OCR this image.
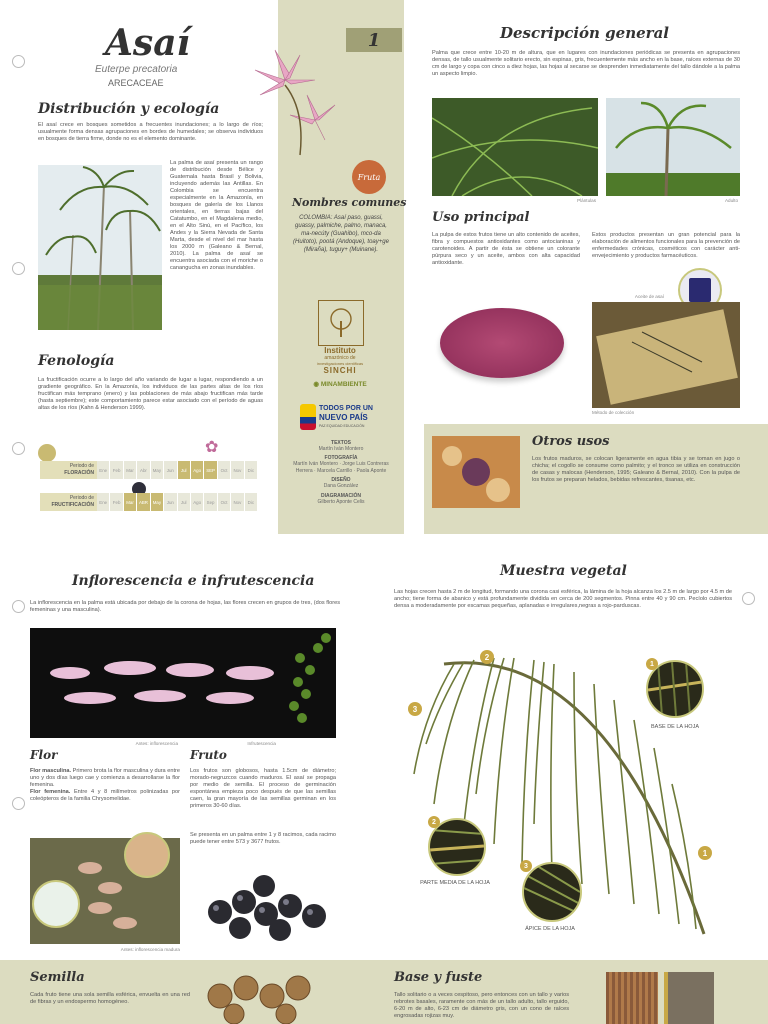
Asaí
Euterpe precatoria
ARECACEAE
Distribución y ecología
El asaí crece en bosques sometidos a frecuentes inundaciones; a lo largo de ríos; usualmente forma densas agrupaciones en bordes de humedales; se observa individuos en bosques de tierra firme, donde no es el elemento dominante.
La palma de asaí presenta un rango de distribución desde Bélice y Guatemala hasta Brasil y Bolivia, incluyendo además las Antillas. En Colombia se encuentra especialmente en la Amazonía, en bosques de galería de los Llanos orientales, en tierras bajas del Catatumbo, en el Magdalena medio, en el Alto Sinú, en el Pacífico, los Andes y la Sierra Nevada de Santa Marta, desde el nivel del mar hasta los 2000 m (Galeano & Bernal, 2010). La palma de asaí se encuentra asociada con el moriche o canangucha en zonas inundables.
Fenología
La fructificación ocurre a lo largo del año variando de lugar a lugar, respondiendo a un gradiente geográfico. En la Amazonía, los individuos de las partes altas de los ríos fructifican más temprano (enero) y las poblaciones de más abajo fructifican más tarde (hasta septiembre); este comportamiento parece estar asociado con el período de aguas altas de los ríos (Kahn & Henderson 1999).
Periodo de
FLORACIÓN	Ene	Feb	Mar	Abr	May	Jun	Jul	Ago	SEP	Oct	Nov	Dic
✿
Periodo de
FRUCTIFICACIÓN	Ene	Feb	Mar	ABR	May	Jun	Jul	Ago	Sep	Oct	Nov	Dic
1
Fruta
Nombres comunes
COLOMBIA: Asaí paso, guassi, guassy, palmiche, palmo, manaca, ma-necúty (Guahibo), mco-da (Huitoto), pootá (Andoque), toay+ge (Miraña), tuguy+ (Muinane).
Instituto
amazónico de
investigaciones científicas
SINCHI
◉ MINAMBIENTE
TODOS POR UN
NUEVO PAÍS
PAZ EQUIDAD EDUCACIÓN
TEXTOS
Martín Iván Montero
FOTOGRAFÍA
Martín Iván Montero · Jorge Luis Contreras Herrera · Marcela Carrillo · Paola Aponte
DISEÑO
Dana González
DIAGRAMACIÓN
Gilberto Aponte Celis
Descripción general
Palma que crece entre 10-20 m de altura, que en lugares con inundaciones periódicas se presenta en agrupaciones densas, de tallo usualmente solitario erecto, sin espinas, gris, frecuentemente más ancho en la base, raíces externas de 30 cm de largo y copa con cinco a diez hojas, las hojas al secarse se desprenden inmediatamente del tallo dándole a la palma un aspecto limpio.
Plántulas	Adulto
Uso principal
La pulpa de estos frutos tiene un alto contenido de aceites, fibra y compuestos antioxidantes como antocianinas y carotenoides. A partir de ésta se obtiene un colorante púrpura seco y un aceite, ambos con alta capacidad antioxidante.
Estos productos presentan un gran potencial para la elaboración de alimentos funcionales para la prevención de enfermedades crónicas, cosméticos con carácter anti-envejecimiento y productos farmacéuticos.
Aceite de asaí
Método de colección
Otros usos
Los frutos maduros, se colocan ligeramente en agua tibia y se toman en jugo o chicha; el cogollo se consume como palmito; y el tronco se utiliza en construcción de casas y malocas (Henderson, 1995; Galeano & Bernal, 2010). Con la pulpa de los frutos se preparan helados, bebidas refrescantes, tisanas, etc.
Inflorescencia e infrutescencia
La inflorescencia en la palma está ubicada por debajo de la corona de hojas, las flores crecen en grupos de tres, (dos flores femeninas y una masculina).
Antes: inflorescencia	Infrutescencia
Flor
Flor masculina. Primero brota la flor masculina y dura entre uno y dos días luego cae y comienza a desarrollarse la flor femenina.
Flor femenina. Entre 4 y 8 milímetros polinizadas por coleópteros de la familia Chrysomelidae.
Antes: inflorescencia madura
Fruto
Los frutos son globosos, hasta 1.5cm de diámetro; morado-negruzcos cuando maduros. El asaí se propaga por medio de semilla. El proceso de germinación espontánea empieza poco después de que las semillas caen, la gran mayoría de las semillas germinan en los primeros 30-60 días.
Se presenta en un palma entre 1 y 8 racimos, cada racimo puede tener entre 573 y 3677 frutos.
Muestra vegetal
Las hojas crecen hasta 2 m de longitud, formando una corona casi esférica, la lámina de la hoja alcanza los 2.5 m de largo por 4.5 m de ancho; tiene forma de abanico y está profundamente dividida en cerca de 200 segmentos. Pinna entre 40 y 90 cm. Pecíolo cubiertos densa a moderadamente por escamas pequeñas, aplanadas e irregulares,negras a rojo-parduscas.
2
3
1
1
BASE DE LA HOJA
2
PARTE MEDIA DE LA HOJA
3
ÁPICE DE LA HOJA
Semilla
Cada fruto tiene una sola semilla esférica, envuelta en una red de fibras y un endospermo homogéneo.
Base y fuste
Tallo solitario o a veces cespitoso, pero entonces con un tallo y varios rebrotes basales, raramente con más de un tallo adulto, tallo erguido, 6-20 m de alto, 6-23 cm de diámetro gris, con un cono de raíces engrosadas rojizas muy.
